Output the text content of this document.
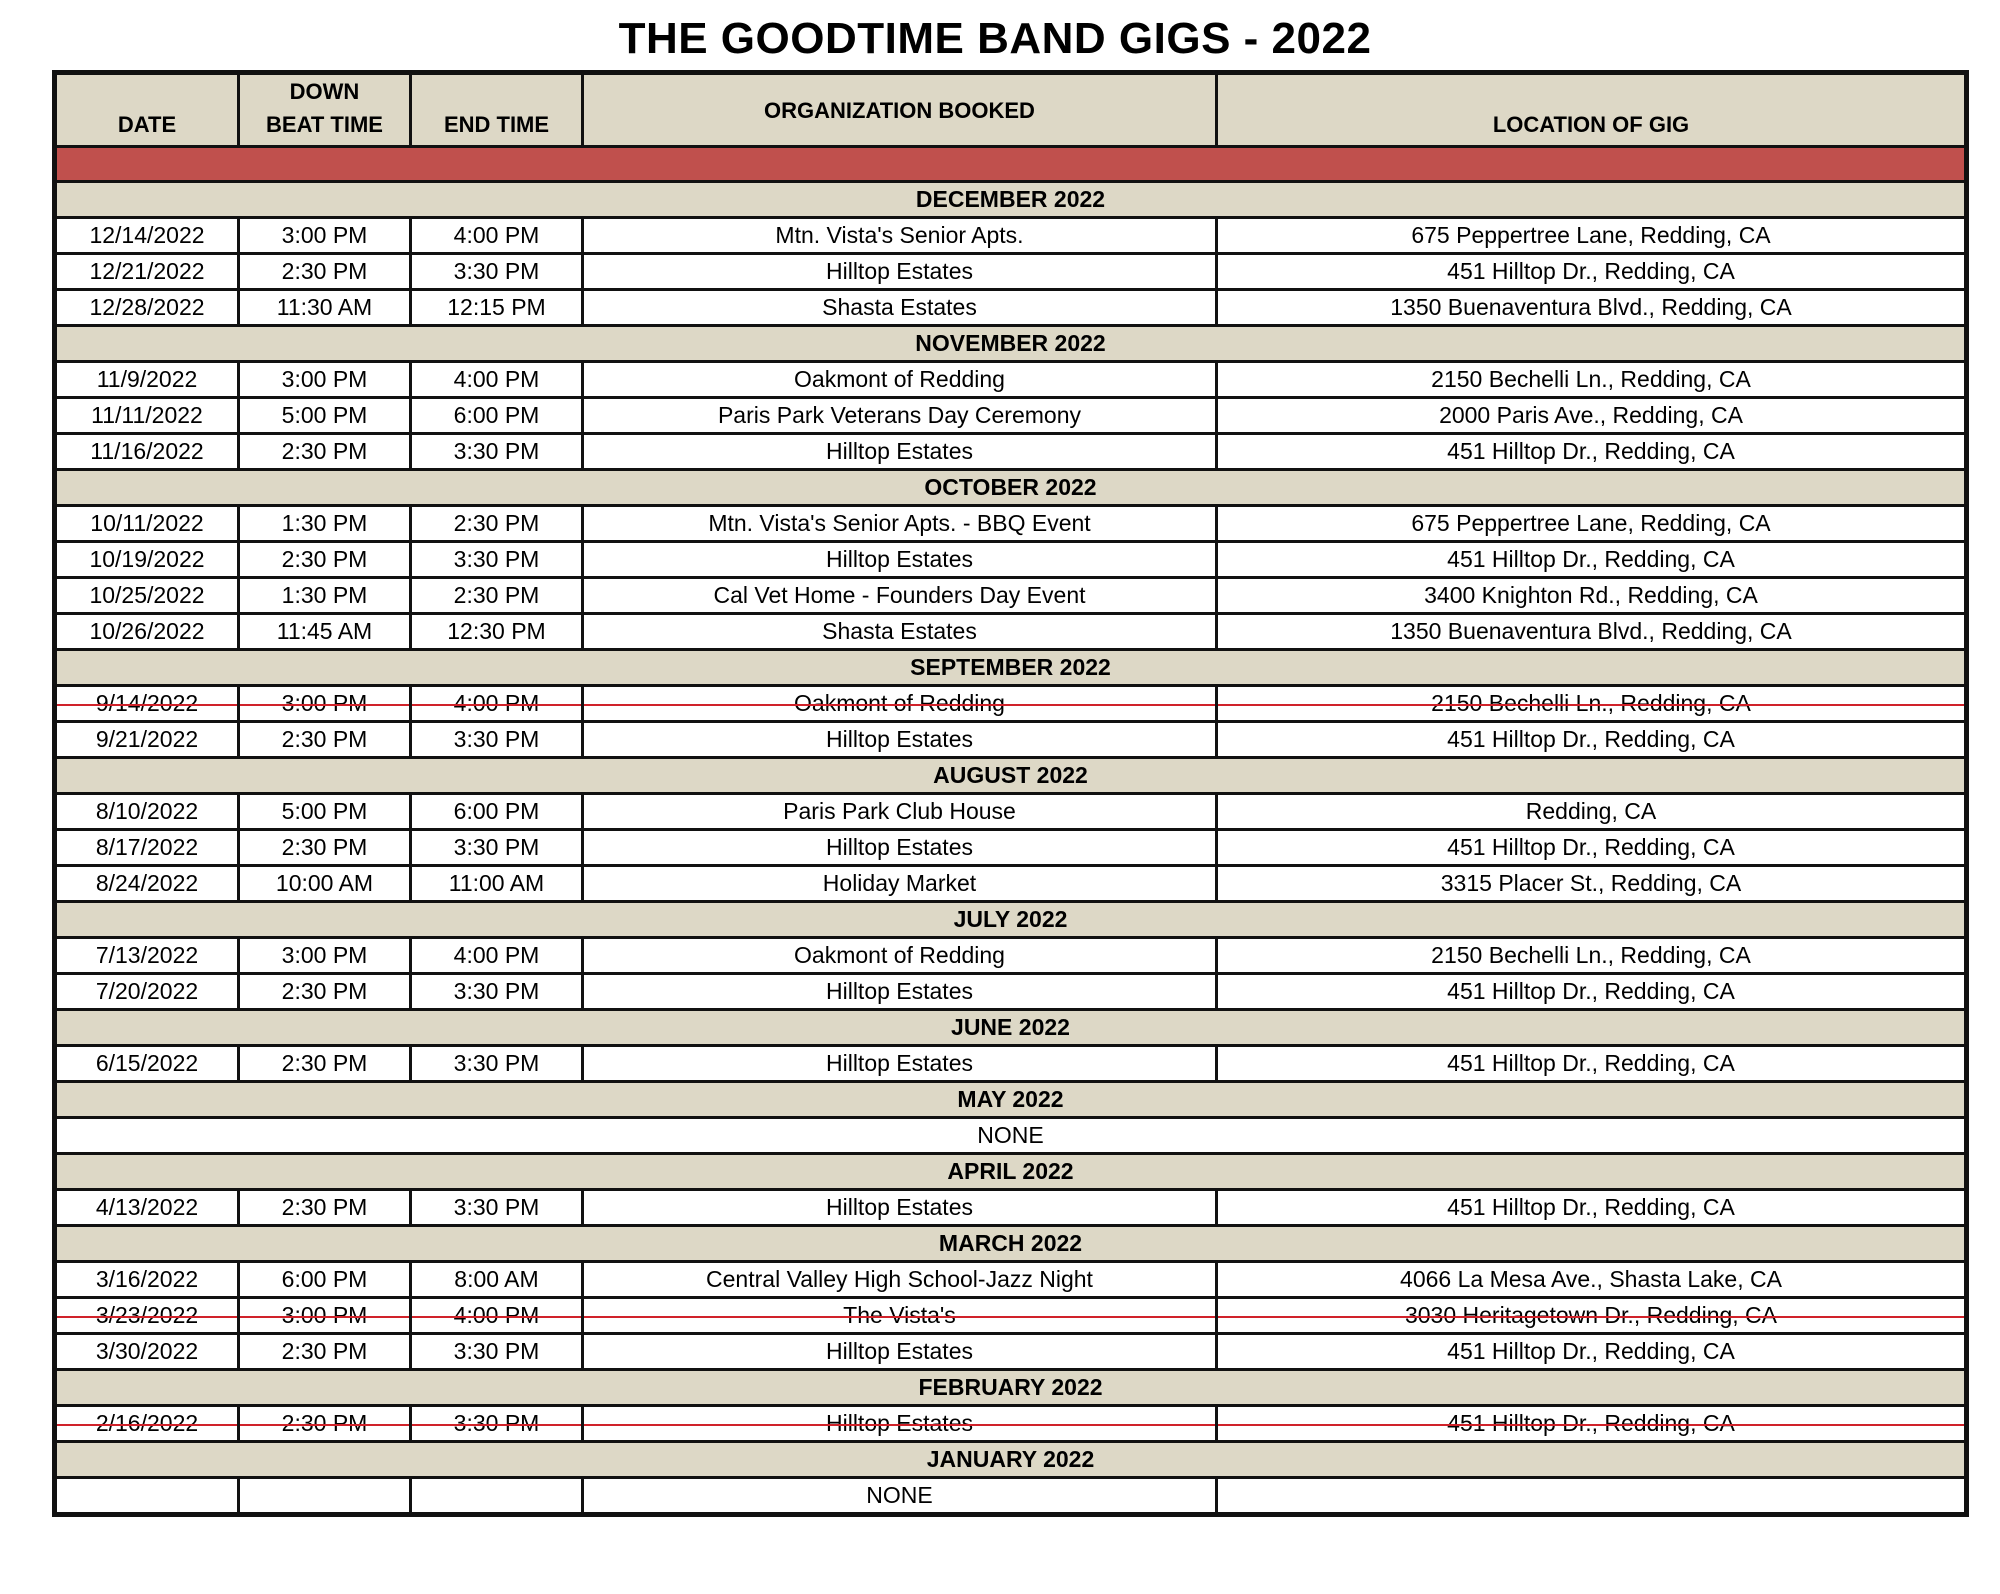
THE GOODTIME BAND GIGS - 2022
DATE	DOWN BEAT TIME	END TIME	ORGANIZATION BOOKED	LOCATION OF GIG

DECEMBER 2022				
12/14/2022	3:00 PM	4:00 PM	Mtn. Vista's Senior Apts.	675 Peppertree Lane, Redding, CA
12/21/2022	2:30 PM	3:30 PM	Hilltop Estates	451 Hilltop Dr., Redding, CA
12/28/2022	11:30 AM	12:15 PM	Shasta Estates	1350 Buenaventura Blvd., Redding, CA
NOVEMBER 2022				
11/9/2022	3:00 PM	4:00 PM	Oakmont of Redding	2150 Bechelli Ln., Redding, CA
11/11/2022	5:00 PM	6:00 PM	Paris Park Veterans Day Ceremony	2000 Paris Ave., Redding, CA
11/16/2022	2:30 PM	3:30 PM	Hilltop Estates	451 Hilltop Dr., Redding, CA
OCTOBER 2022				
10/11/2022	1:30 PM	2:30 PM	Mtn. Vista's Senior Apts. - BBQ Event	675 Peppertree Lane, Redding, CA
10/19/2022	2:30 PM	3:30 PM	Hilltop Estates	451 Hilltop Dr., Redding, CA
10/25/2022	1:30 PM	2:30 PM	Cal Vet Home - Founders Day Event	3400 Knighton Rd., Redding, CA
10/26/2022	11:45 AM	12:30 PM	Shasta Estates	1350 Buenaventura Blvd., Redding, CA
SEPTEMBER 2022				
9/14/2022	3:00 PM	4:00 PM	Oakmont of Redding	2150 Bechelli Ln., Redding, CA
9/21/2022	2:30 PM	3:30 PM	Hilltop Estates	451 Hilltop Dr., Redding, CA
AUGUST 2022				
8/10/2022	5:00 PM	6:00 PM	Paris Park Club House	Redding, CA
8/17/2022	2:30 PM	3:30 PM	Hilltop Estates	451 Hilltop Dr., Redding, CA
8/24/2022	10:00 AM	11:00 AM	Holiday Market	3315 Placer St., Redding, CA
JULY 2022				
7/13/2022	3:00 PM	4:00 PM	Oakmont of Redding	2150 Bechelli Ln., Redding, CA
7/20/2022	2:30 PM	3:30 PM	Hilltop Estates	451 Hilltop Dr., Redding, CA
JUNE 2022				
6/15/2022	2:30 PM	3:30 PM	Hilltop Estates	451 Hilltop Dr., Redding, CA
MAY 2022				
NONE				
APRIL 2022				
4/13/2022	2:30 PM	3:30 PM	Hilltop Estates	451 Hilltop Dr., Redding, CA
MARCH 2022				
3/16/2022	6:00 PM	8:00 AM	Central Valley High School-Jazz Night	4066 La Mesa Ave., Shasta Lake, CA
3/23/2022	3:00 PM	4:00 PM	The Vista's	3030 Heritagetown Dr., Redding, CA
3/30/2022	2:30 PM	3:30 PM	Hilltop Estates	451 Hilltop Dr., Redding, CA
FEBRUARY 2022				
2/16/2022	2:30 PM	3:30 PM	Hilltop Estates	451 Hilltop Dr., Redding, CA
JANUARY 2022				
			NONE	
